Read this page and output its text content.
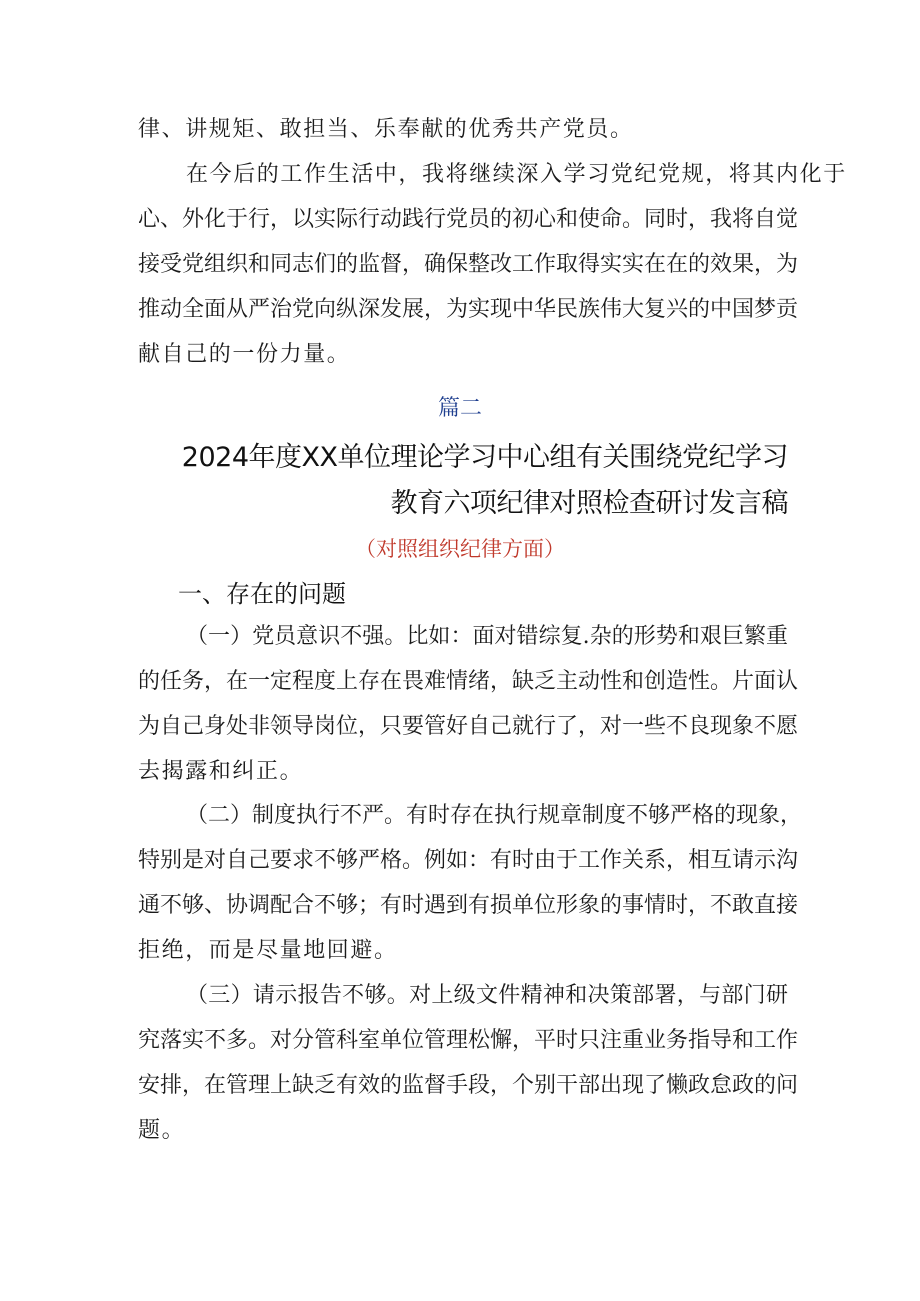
律、讲规矩、敢担当、乐奉献的优秀共产党员。
在今后的工作生活中，我将继续深入学习党纪党规，将其内化于
心、外化于行，以实际行动践行党员的初心和使命。同时，我将自觉
接受党组织和同志们的监督，确保整改工作取得实实在在的效果，为
推动全面从严治党向纵深发展，为实现中华民族伟大复兴的中国梦贡
献自己的一份力量。
篇二
2024年度XX单位理论学习中心组有关围绕党纪学习
教育六项纪律对照检查研讨发言稿
（对照组织纪律方面）
一、存在的问题
（一）党员意识不强。比如：面对错综复.杂的形势和艰巨繁重
的任务，在一定程度上存在畏难情绪，缺乏主动性和创造性。片面认
为自己身处非领导岗位，只要管好自己就行了，对一些不良现象不愿
去揭露和纠正。
（二）制度执行不严。有时存在执行规章制度不够严格的现象，
特别是对自己要求不够严格。例如：有时由于工作关系，相互请示沟
通不够、协调配合不够；有时遇到有损单位形象的事情时，不敢直接
拒绝，而是尽量地回避。
（三）请示报告不够。对上级文件精神和决策部署，与部门研
究落实不多。对分管科室单位管理松懈，平时只注重业务指导和工作
安排，在管理上缺乏有效的监督手段，个别干部出现了懒政怠政的问
题。
